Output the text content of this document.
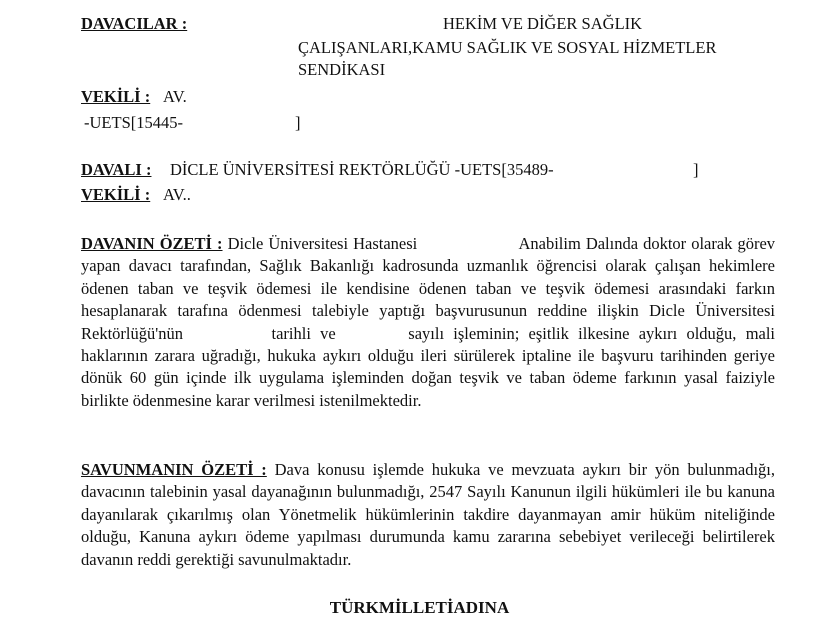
DAVACILAR :	HEKİM VE DİĞER SAĞLIK
ÇALIŞANLARI,KAMU SAĞLIK VE SOSYAL HİZMETLER
SENDİKASI
VEKİLİ : AV.
-UETS[15445-	]
DAVALI : DİCLE ÜNİVERSİTESİ REKTÖRLÜĞÜ -UETS[35489-	]
VEKİLİ : AV..
DAVANIN ÖZETİ : Dicle Üniversitesi Hastanesi	Anabilim Dalında doktor olarak görev yapan davacı tarafından, Sağlık Bakanlığı kadrosunda uzmanlık öğrencisi olarak çalışan hekimlere ödenen taban ve teşvik ödemesi ile kendisine ödenen taban ve teşvik ödemesi arasındaki farkın hesaplanarak tarafına ödenmesi talebiyle yaptığı başvurusunun reddine ilişkin Dicle Üniversitesi Rektörlüğü'nün	tarihli ve	sayılı işleminin; eşitlik ilkesine aykırı olduğu, mali haklarının zarara uğradığı, hukuka aykırı olduğu ileri sürülerek iptaline ile başvuru tarihinden geriye dönük 60 gün içinde ilk uygulama işleminden doğan teşvik ve taban ödeme farkının yasal faiziyle birlikte ödenmesine karar verilmesi istenilmektedir.
SAVUNMANIN ÖZETİ : Dava konusu işlemde hukuka ve mevzuata aykırı bir yön bulunmadığı, davacının talebinin yasal dayanağının bulunmadığı, 2547 Sayılı Kanunun ilgili hükümleri ile bu kanuna dayanılarak çıkarılmış olan Yönetmelik hükümlerinin takdire dayanmayan amir hüküm niteliğinde olduğu, Kanuna aykırı ödeme yapılması durumunda kamu zararına sebebiyet verileceği belirtilerek davanın reddi gerektiği savunulmaktadır.
TÜRKMİLLETİADINA
